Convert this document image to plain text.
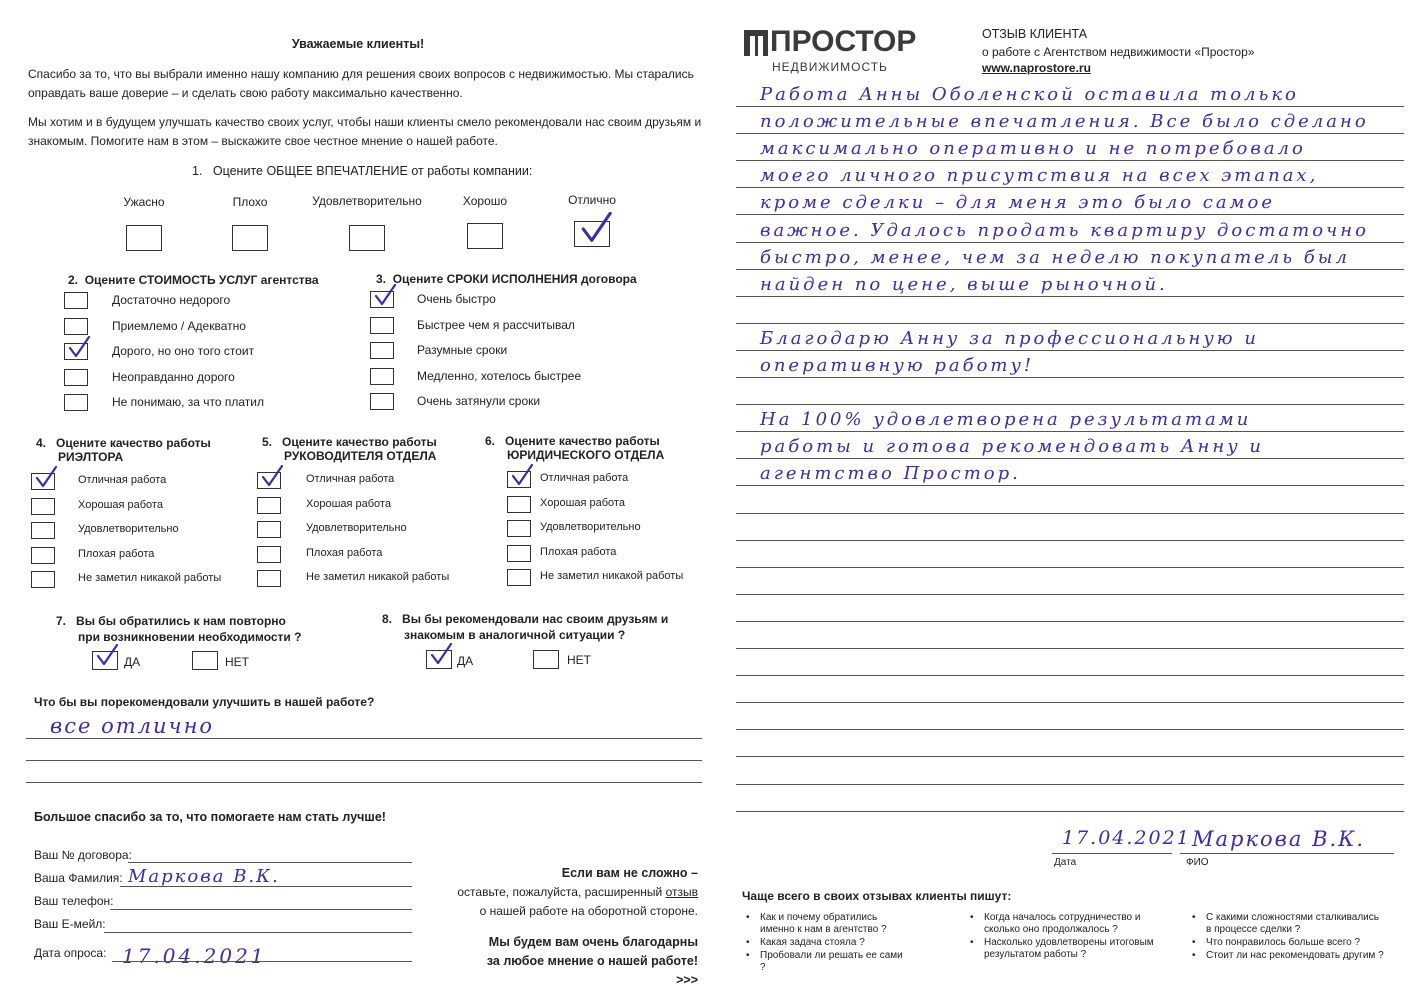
Уважаемые клиенты!
Спасибо за то, что вы выбрали именно нашу компанию для решения своих вопросов с недвижимостью. Мы старались
оправдать ваше доверие – и сделать свою работу максимально качественно.
Мы хотим и в будущем улучшать качество своих услуг, чтобы наши клиенты смело рекомендовали нас своим друзьям и
знакомым. Помогите нам в этом – выскажите свое честное мнение о нашей работе.
1. Оцените ОБЩЕЕ ВПЕЧАТЛЕНИЕ от работы компании:
Ужасно	Плохо	Удовлетворительно	Хорошо	Отлично
2. Оцените СТОИМОСТЬ УСЛУГ агентства
Достаточно недорого
Приемлемо / Адекватно
Дорого, но оно того стоит
Неоправданно дорого
Не понимаю, за что платил
3. Оцените СРОКИ ИСПОЛНЕНИЯ договора
Очень быстро
Быстрее чем я рассчитывал
Разумные сроки
Медленно, хотелось быстрее
Очень затянули сроки
4. Оцените качество работы
РИЭЛТОРА
5. Оцените качество работы
РУКОВОДИТЕЛЯ ОТДЕЛА
6. Оцените качество работы
ЮРИДИЧЕСКОГО ОТДЕЛА
Отличная работа
Хорошая работа
Удовлетворительно
Плохая работа
Не заметил никакой работы
Отличная работа
Хорошая работа
Удовлетворительно
Плохая работа
Не заметил никакой работы
Отличная работа
Хорошая работа
Удовлетворительно
Плохая работа
Не заметил никакой работы
7. Вы бы обратились к нам повторно
при возникновении необходимости ?
ДА	НЕТ
8. Вы бы рекомендовали нас своим друзьям и
знакомым в аналогичной ситуации ?
ДА	НЕТ
Что бы вы порекомендовали улучшить в нашей работе?
все отлично
Большое спасибо за то, что помогаете нам стать лучше!
Ваш № договора:
Ваша Фамилия: Маркова В.К.
Ваш телефон:
Ваш E-мейл:
Дата опроса: 17.04.2021
Если вам не сложно –
оставьте, пожалуйста, расширенный отзыв
о нашей работе на оборотной стороне.
Мы будем вам очень благодарны
за любое мнение о нашей работе!
>>>
ПРОСТОР
НЕДВИЖИМОСТЬ
ОТЗЫВ КЛИЕНТА
о работе с Агентством недвижимости «Простор»
www.naprostore.ru
Работа Анны Оболенской оставила только
положительные впечатления. Все было сделано
максимально оперативно и не потребовало
моего личного присутствия на всех этапах,
кроме сделки – для меня это было самое
важное. Удалось продать квартиру достаточно
быстро, менее, чем за неделю покупатель был
найден по цене, выше рыночной.
Благодарю Анну за профессиональную и
оперативную работу!
На 100% удовлетворена результатами
работы и готова рекомендовать Анну и
агентство Простор.
17.04.2021 Маркова В.К.
Дата	ФИО
Чаще всего в своих отзывах клиенты пишут:
• Как и почему обратились именно к нам в агентство ?
• Какая задача стояла ?
• Пробовали ли решать ее сами ?
• Когда началось сотрудничество и сколько оно продолжалось ?
• Насколько удовлетворены итоговым результатом работы ?
• С какими сложностями сталкивались в процессе сделки ?
• Что понравилось больше всего ?
• Стоит ли нас рекомендовать другим ?
